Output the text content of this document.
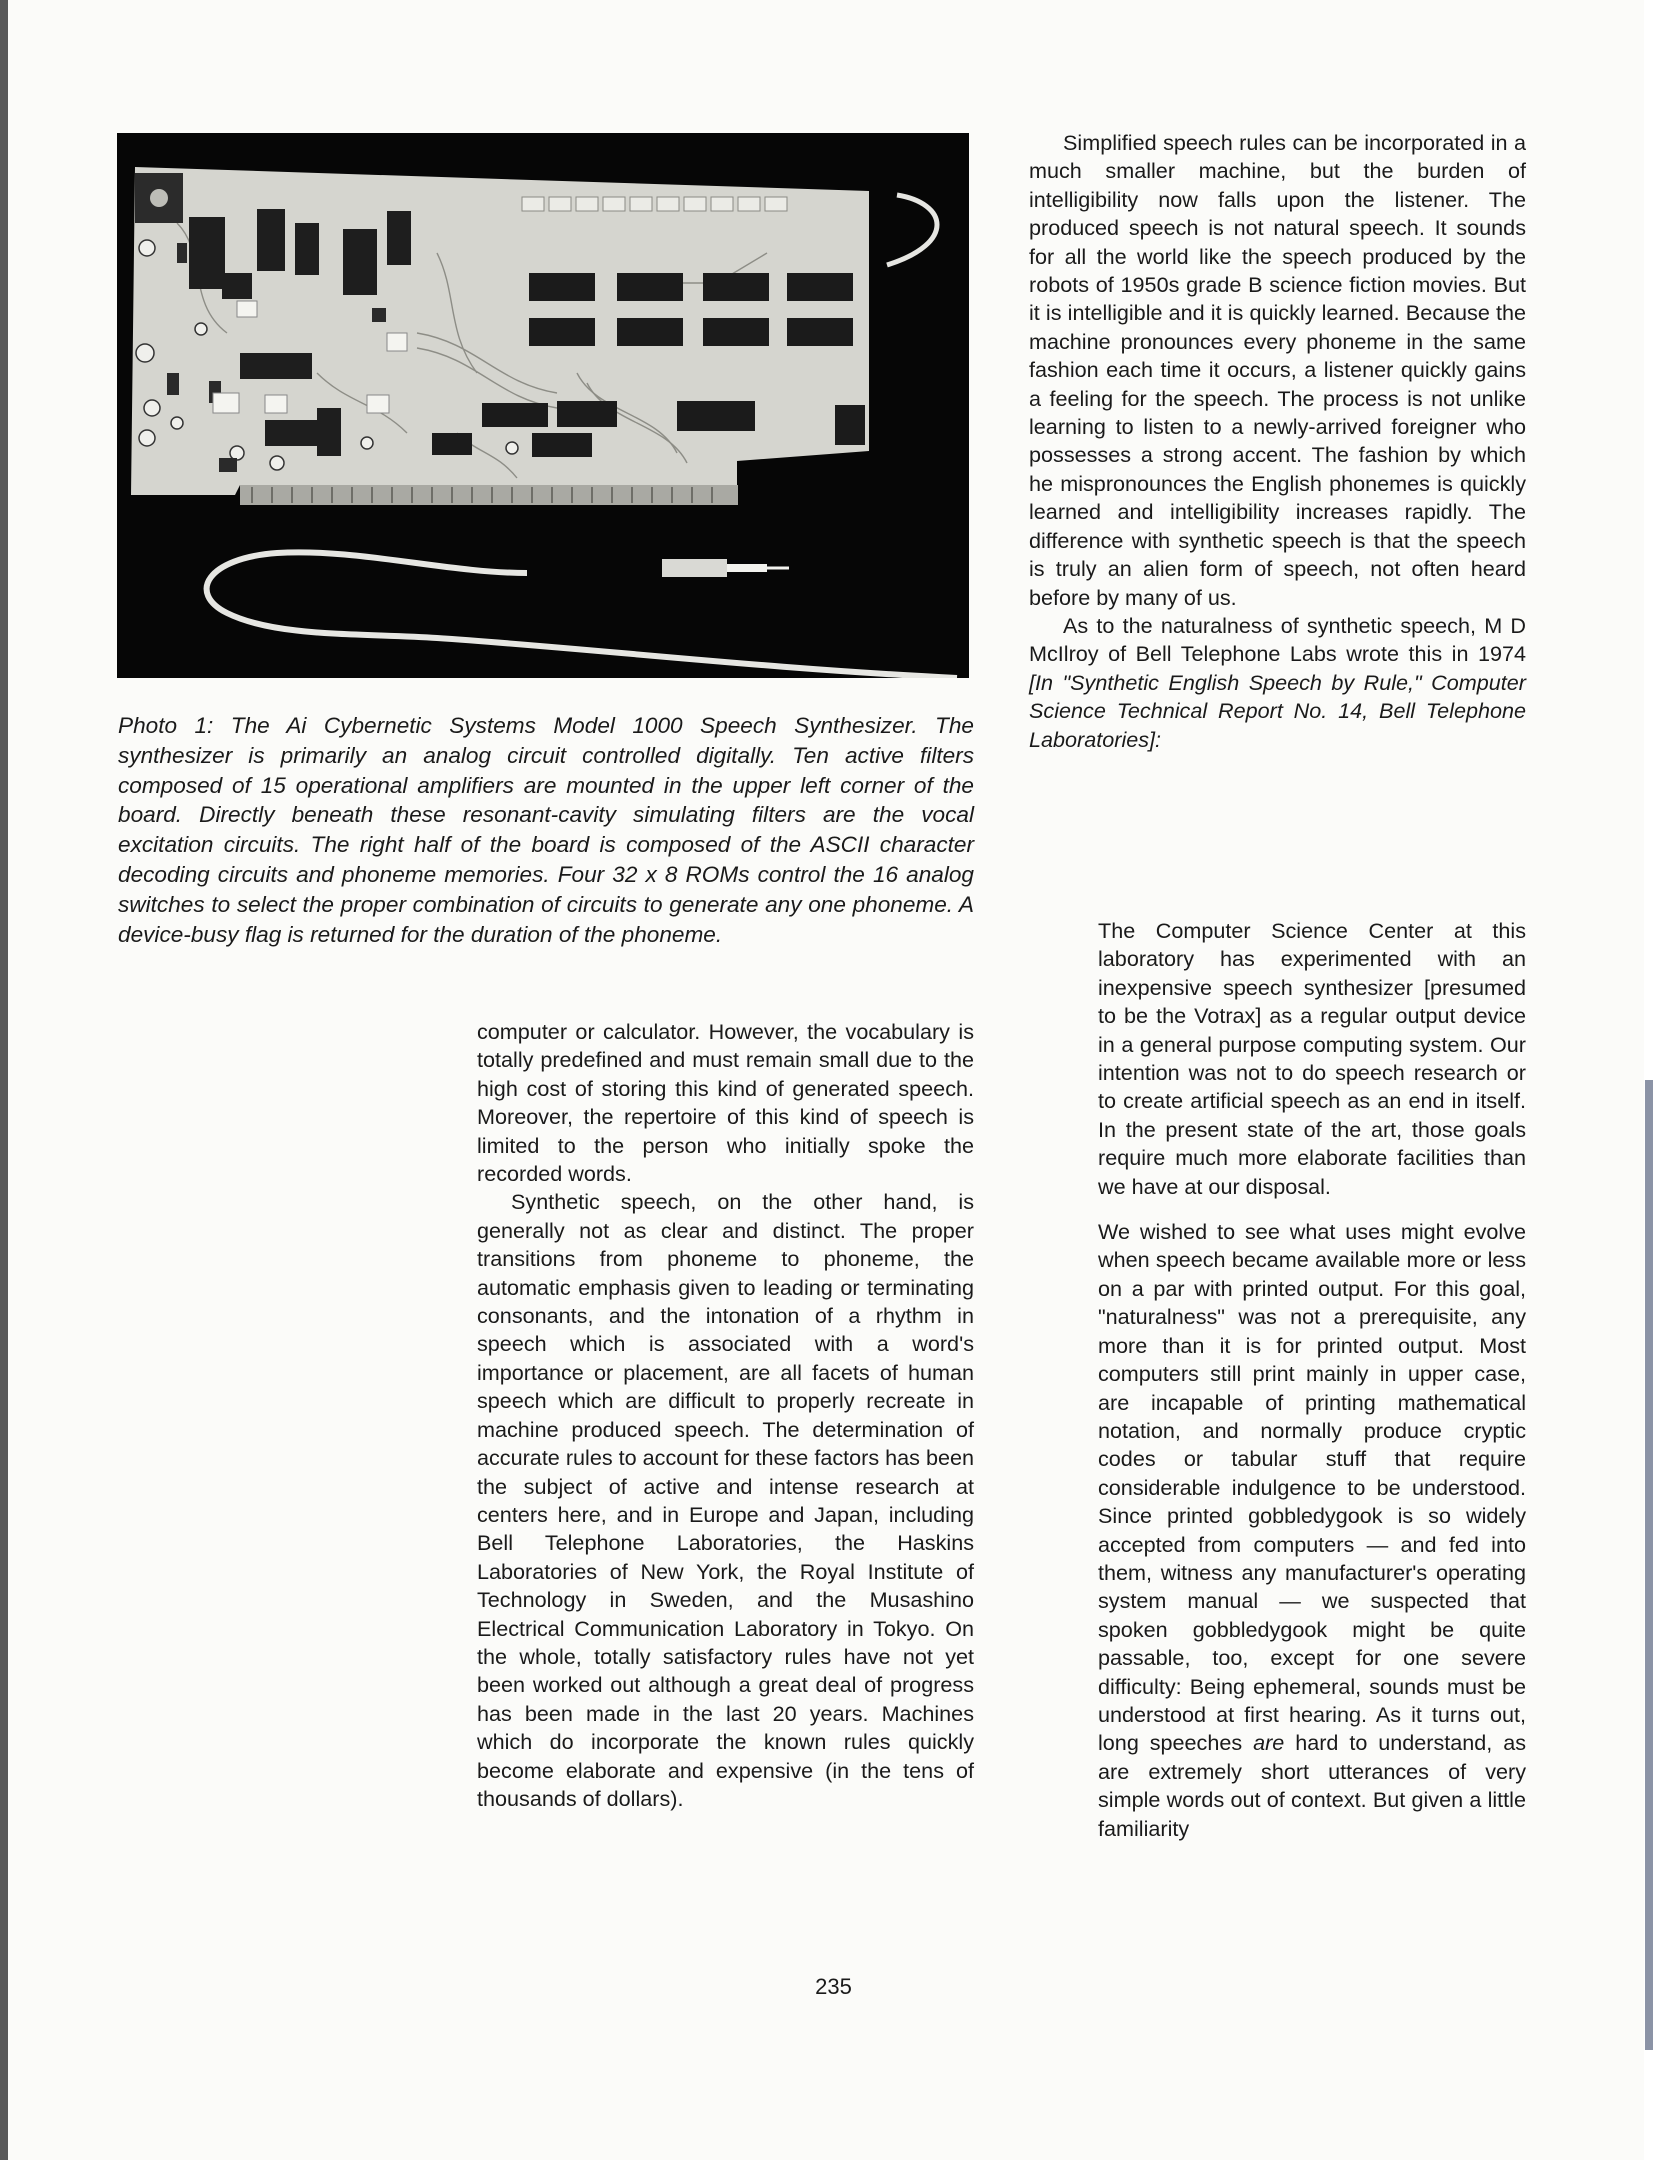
Photo 1: The Ai Cybernetic Systems Model 1000 Speech Synthesizer. The synthesizer is primarily an analog circuit controlled digitally. Ten active filters composed of 15 operational amplifiers are mounted in the upper left corner of the board. Directly beneath these resonant-cavity simulating filters are the vocal excitation circuits. The right half of the board is composed of the ASCII character decoding circuits and phoneme memories. Four 32 x 8 ROMs control the 16 analog switches to select the proper combination of circuits to generate any one phoneme. A device-busy flag is returned for the duration of the phoneme.

computer or calculator. However, the vocabulary is totally predefined and must remain small due to the high cost of storing this kind of generated speech. Moreover, the repertoire of this kind of speech is limited to the person who initially spoke the recorded words.

Synthetic speech, on the other hand, is generally not as clear and distinct. The proper transitions from phoneme to phoneme, the automatic emphasis given to leading or terminating consonants, and the intonation of a rhythm in speech which is associated with a word's importance or placement, are all facets of human speech which are difficult to properly recreate in machine produced speech. The determination of accurate rules to account for these factors has been the subject of active and intense research at centers here, and in Europe and Japan, including Bell Telephone Laboratories, the Haskins Laboratories of New York, the Royal Institute of Technology in Sweden, and the Musashino Electrical Communication Laboratory in Tokyo. On the whole, totally satisfactory rules have not yet been worked out although a great deal of progress has been made in the last 20 years. Machines which do incorporate the known rules quickly become elaborate and expensive (in the tens of thousands of dollars).

Simplified speech rules can be incorporated in a much smaller machine, but the burden of intelligibility now falls upon the listener. The produced speech is not natural speech. It sounds for all the world like the speech produced by the robots of 1950s grade B science fiction movies. But it is intelligible and it is quickly learned. Because the machine pronounces every phoneme in the same fashion each time it occurs, a listener quickly gains a feeling for the speech. The process is not unlike learning to listen to a newly-arrived foreigner who possesses a strong accent. The fashion by which he mispronounces the English phonemes is quickly learned and intelligibility increases rapidly. The difference with synthetic speech is that the speech is truly an alien form of speech, not often heard before by many of us.

As to the naturalness of synthetic speech, M D McIlroy of Bell Telephone Labs wrote this in 1974 [In "Synthetic English Speech by Rule," Computer Science Technical Report No. 14, Bell Telephone Laboratories]:

The Computer Science Center at this laboratory has experimented with an inexpensive speech synthesizer [presumed to be the Votrax] as a regular output device in a general purpose computing system. Our intention was not to do speech research or to create artificial speech as an end in itself. In the present state of the art, those goals require much more elaborate facilities than we have at our disposal.

We wished to see what uses might evolve when speech became available more or less on a par with printed output. For this goal, "naturalness" was not a prerequisite, any more than it is for printed output. Most computers still print mainly in upper case, are incapable of printing mathematical notation, and normally produce cryptic codes or tabular stuff that require considerable indulgence to be understood. Since printed gobbledygook is so widely accepted from computers — and fed into them, witness any manufacturer's operating system manual — we suspected that spoken gobbledygook might be quite passable, too, except for one severe difficulty: Being ephemeral, sounds must be understood at first hearing. As it turns out, long speeches are hard to understand, as are extremely short utterances of very simple words out of context. But given a little familiarity

235
